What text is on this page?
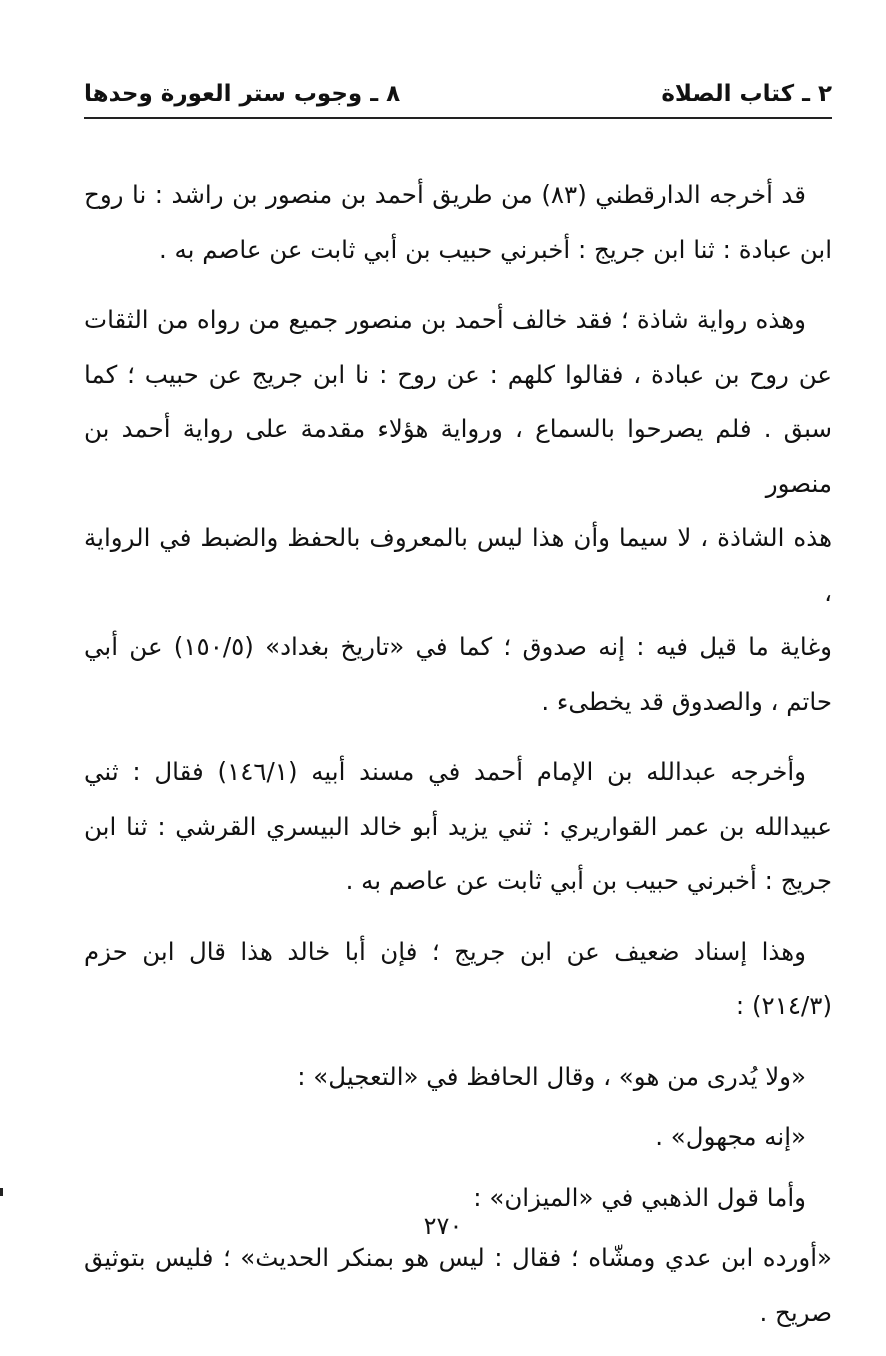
٢ ـ كتاب الصلاة
٨ ـ وجوب ستر العورة وحدها
قد أخرجه الدارقطني (٨٣) من طريق أحمد بن منصور بن راشد : نا روح
ابن عبادة : ثنا ابن جريج : أخبرني حبيب بن أبي ثابت عن عاصم به .
وهذه رواية شاذة ؛ فقد خالف أحمد بن منصور جميع من رواه من الثقات
عن روح بن عبادة ، فقالوا كلهم : عن روح : نا ابن جريج عن حبيب ؛ كما
سبق . فلم يصرحوا بالسماع ، ورواية هؤلاء مقدمة على رواية أحمد بن منصور
هذه الشاذة ، لا سيما وأن هذا ليس بالمعروف بالحفظ والضبط في الرواية ،
وغاية ما قيل فيه : إنه صدوق ؛ كما في «تاريخ بغداد» (١٥٠/٥) عن أبي
حاتم ، والصدوق قد يخطىء .
وأخرجه عبدالله بن الإمام أحمد في مسند أبيه (١٤٦/١) فقال : ثني
عبيدالله بن عمر القواريري : ثني يزيد أبو خالد البيسري القرشي : ثنا ابن
جريج : أخبرني حبيب بن أبي ثابت عن عاصم به .
وهذا إسناد ضعيف عن ابن جريج ؛ فإن أبا خالد هذا قال ابن حزم
(٢١٤/٣) :
«ولا يُدرى من هو» ، وقال الحافظ في «التعجيل» :
«إنه مجهول» .
وأما قول الذهبي في «الميزان» :
«أورده ابن عدي ومشّاه ؛ فقال : ليس هو بمنكر الحديث» ؛ فليس بتوثيق
صريح .
٢٧٠
